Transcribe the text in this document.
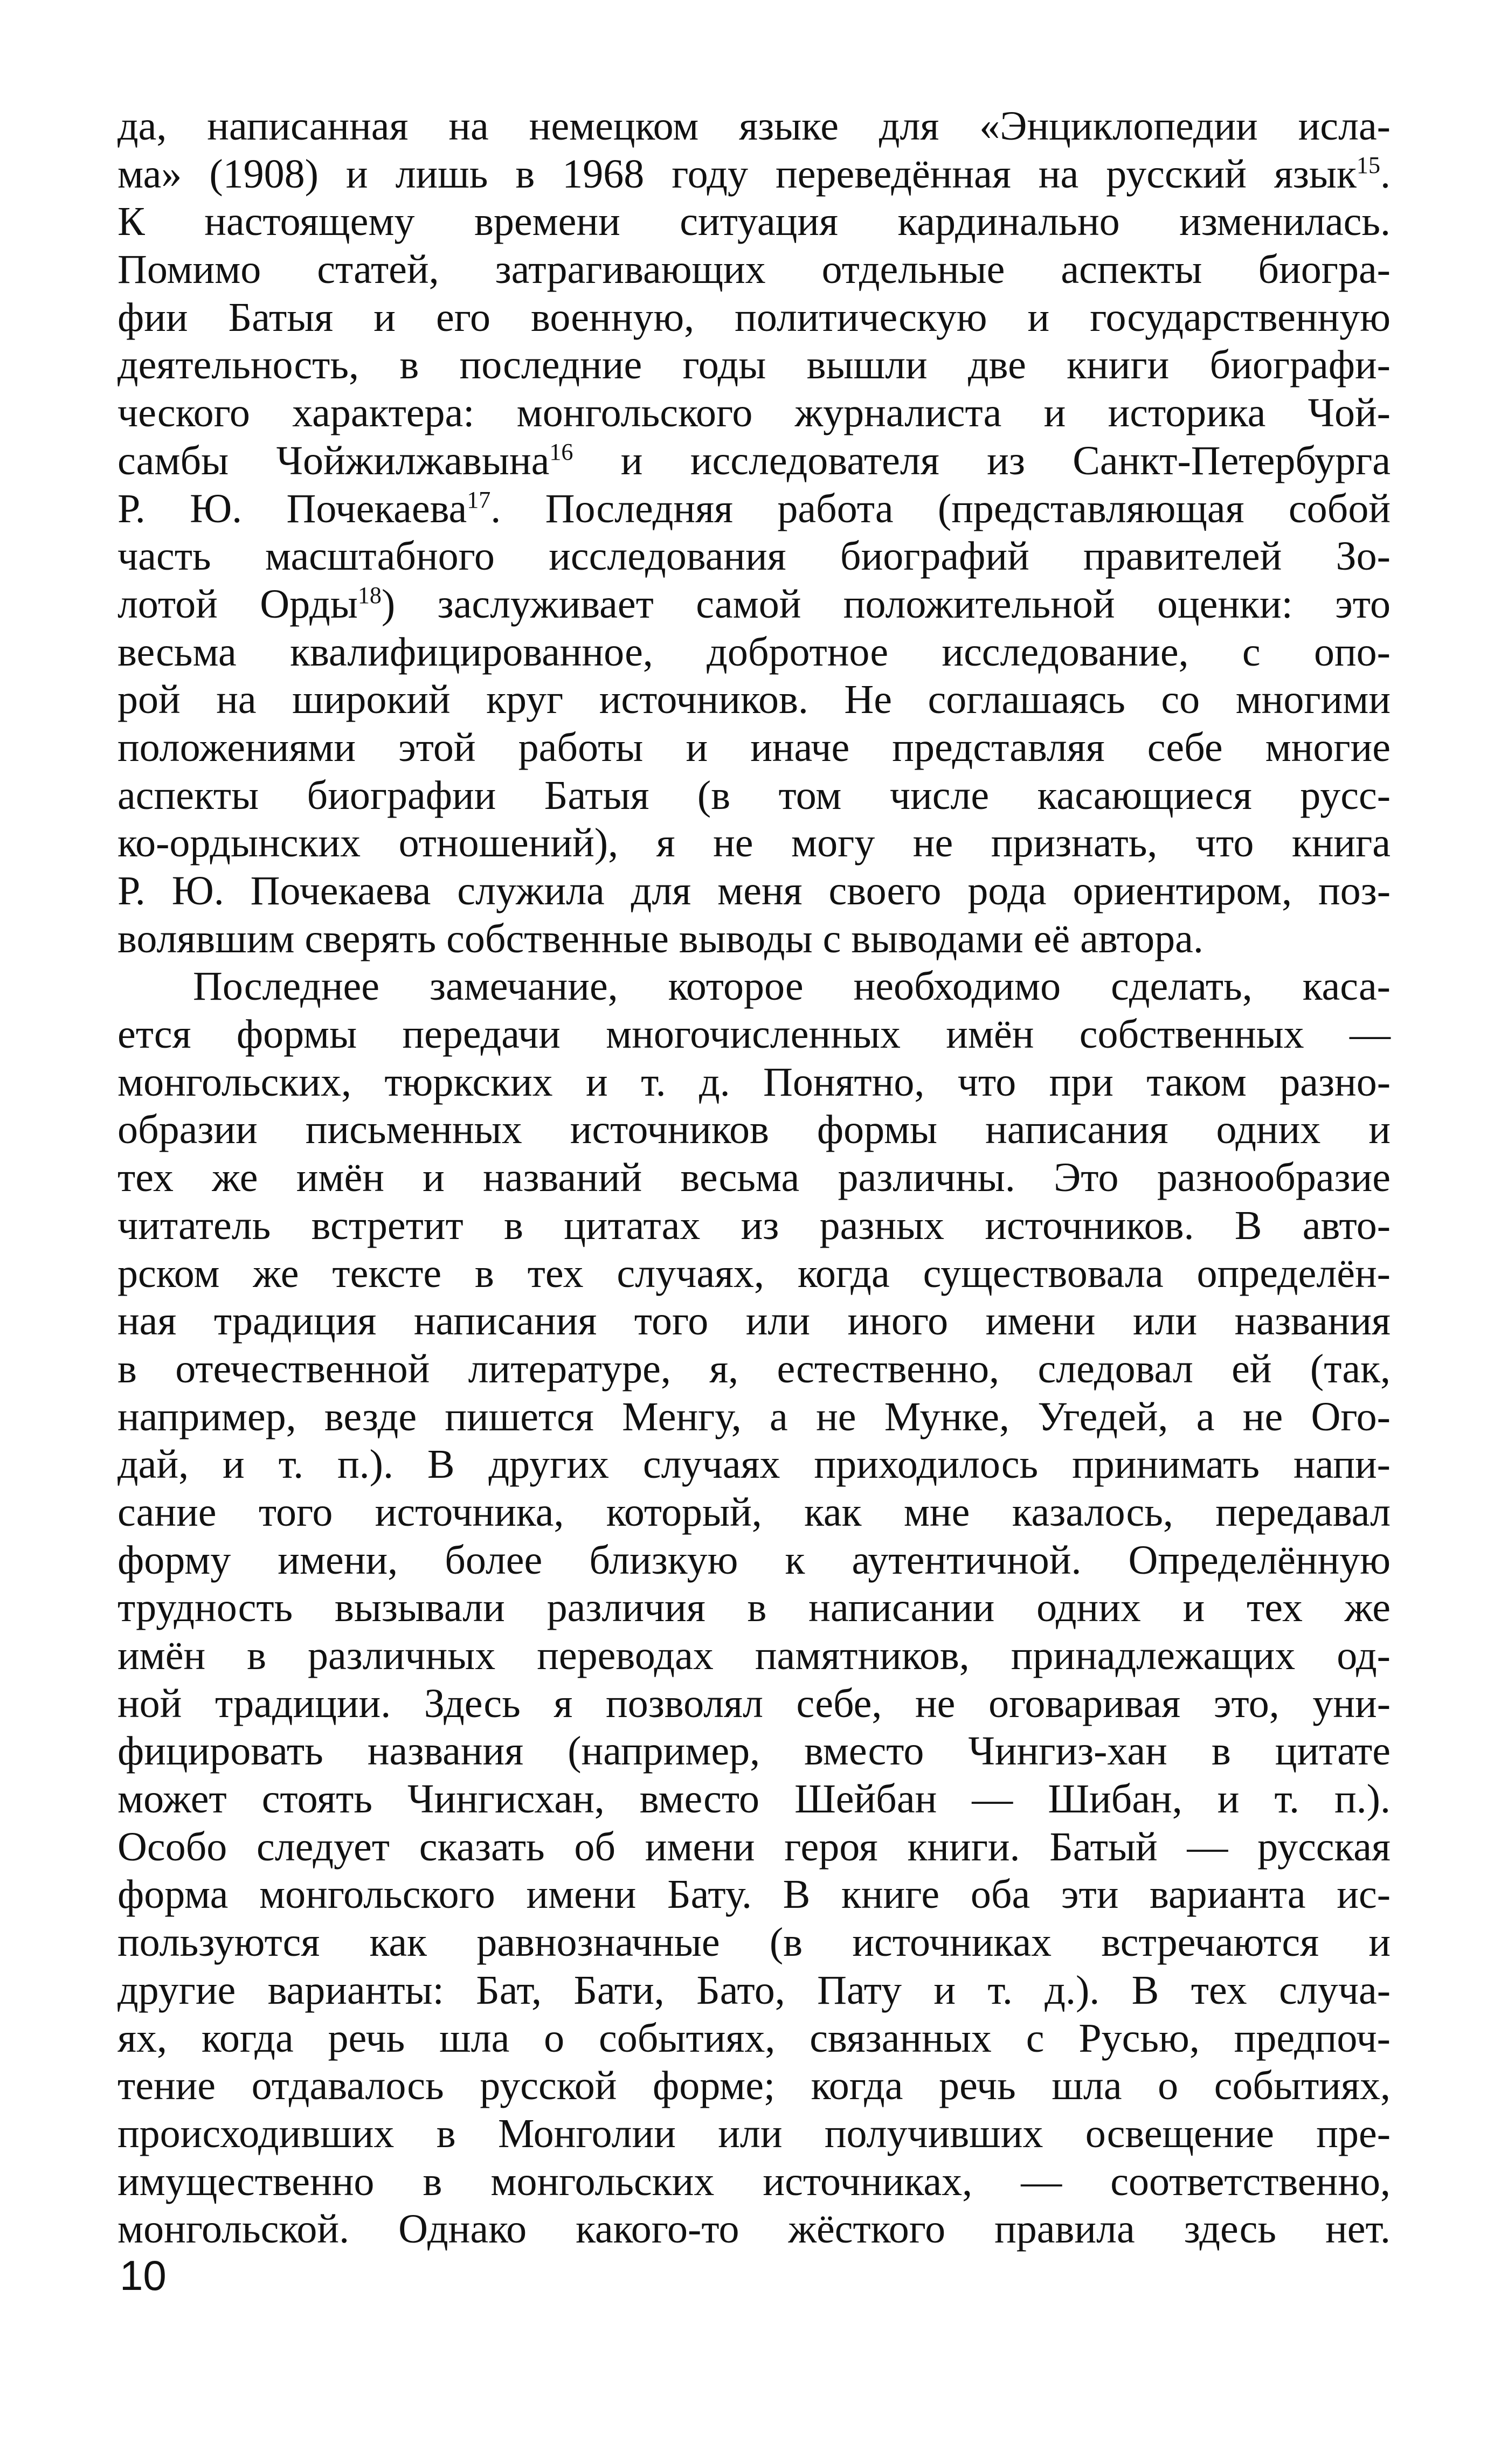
да, написанная на немецком языке для «Энциклопедии исла-
ма» (1908) и лишь в 1968 году переведённая на русский язык$^{15}$.
К настоящему времени ситуация кардинально изменилась.
Помимо статей, затрагивающих отдельные аспекты биогра-
фии Батыя и его военную, политическую и государственную
деятельность, в последние годы вышли две книги биографи-
ческого характера: монгольского журналиста и историка Чой-
самбы Чойжилжавына$^{16}$ и исследователя из Санкт-Петербурга
Р. Ю. Почекаева$^{17}$. Последняя работа (представляющая собой
часть масштабного исследования биографий правителей Зо-
лотой Орды$^{18}$) заслуживает самой положительной оценки: это
весьма квалифицированное, добротное исследование, с опо-
рой на широкий круг источников. Не соглашаясь со многими
положениями этой работы и иначе представляя себе многие
аспекты биографии Батыя (в том числе касающиеся русс-
ко-ордынских отношений), я не могу не признать, что книга
Р. Ю. Почекаева служила для меня своего рода ориентиром, поз-
волявшим сверять собственные выводы с выводами её автора.
Последнее замечание, которое необходимо сделать, каса-
ется формы передачи многочисленных имён собственных —
монгольских, тюркских и т. д. Понятно, что при таком разно-
образии письменных источников формы написания одних и
тех же имён и названий весьма различны. Это разнообразие
читатель встретит в цитатах из разных источников. В авто-
рском же тексте в тех случаях, когда существовала определён-
ная традиция написания того или иного имени или названия
в отечественной литературе, я, естественно, следовал ей (так,
например, везде пишется Менгу, а не Мунке, Угедей, а не Ого-
дай, и т. п.). В других случаях приходилось принимать напи-
сание того источника, который, как мне казалось, передавал
форму имени, более близкую к аутентичной. Определённую
трудность вызывали различия в написании одних и тех же
имён в различных переводах памятников, принадлежащих од-
ной традиции. Здесь я позволял себе, не оговаривая это, уни-
фицировать названия (например, вместо Чингиз-хан в цитате
может стоять Чингисхан, вместо Шейбан — Шибан, и т. п.).
Особо следует сказать об имени героя книги. Батый — русская
форма монгольского имени Бату. В книге оба эти варианта ис-
пользуются как равнозначные (в источниках встречаются и
другие варианты: Бат, Бати, Бато, Пату и т. д.). В тех случа-
ях, когда речь шла о событиях, связанных с Русью, предпоч-
тение отдавалось русской форме; когда речь шла о событиях,
происходивших в Монголии или получивших освещение пре-
имущественно в монгольских источниках, — соответственно,
монгольской. Однако какого-то жёсткого правила здесь нет.
10
